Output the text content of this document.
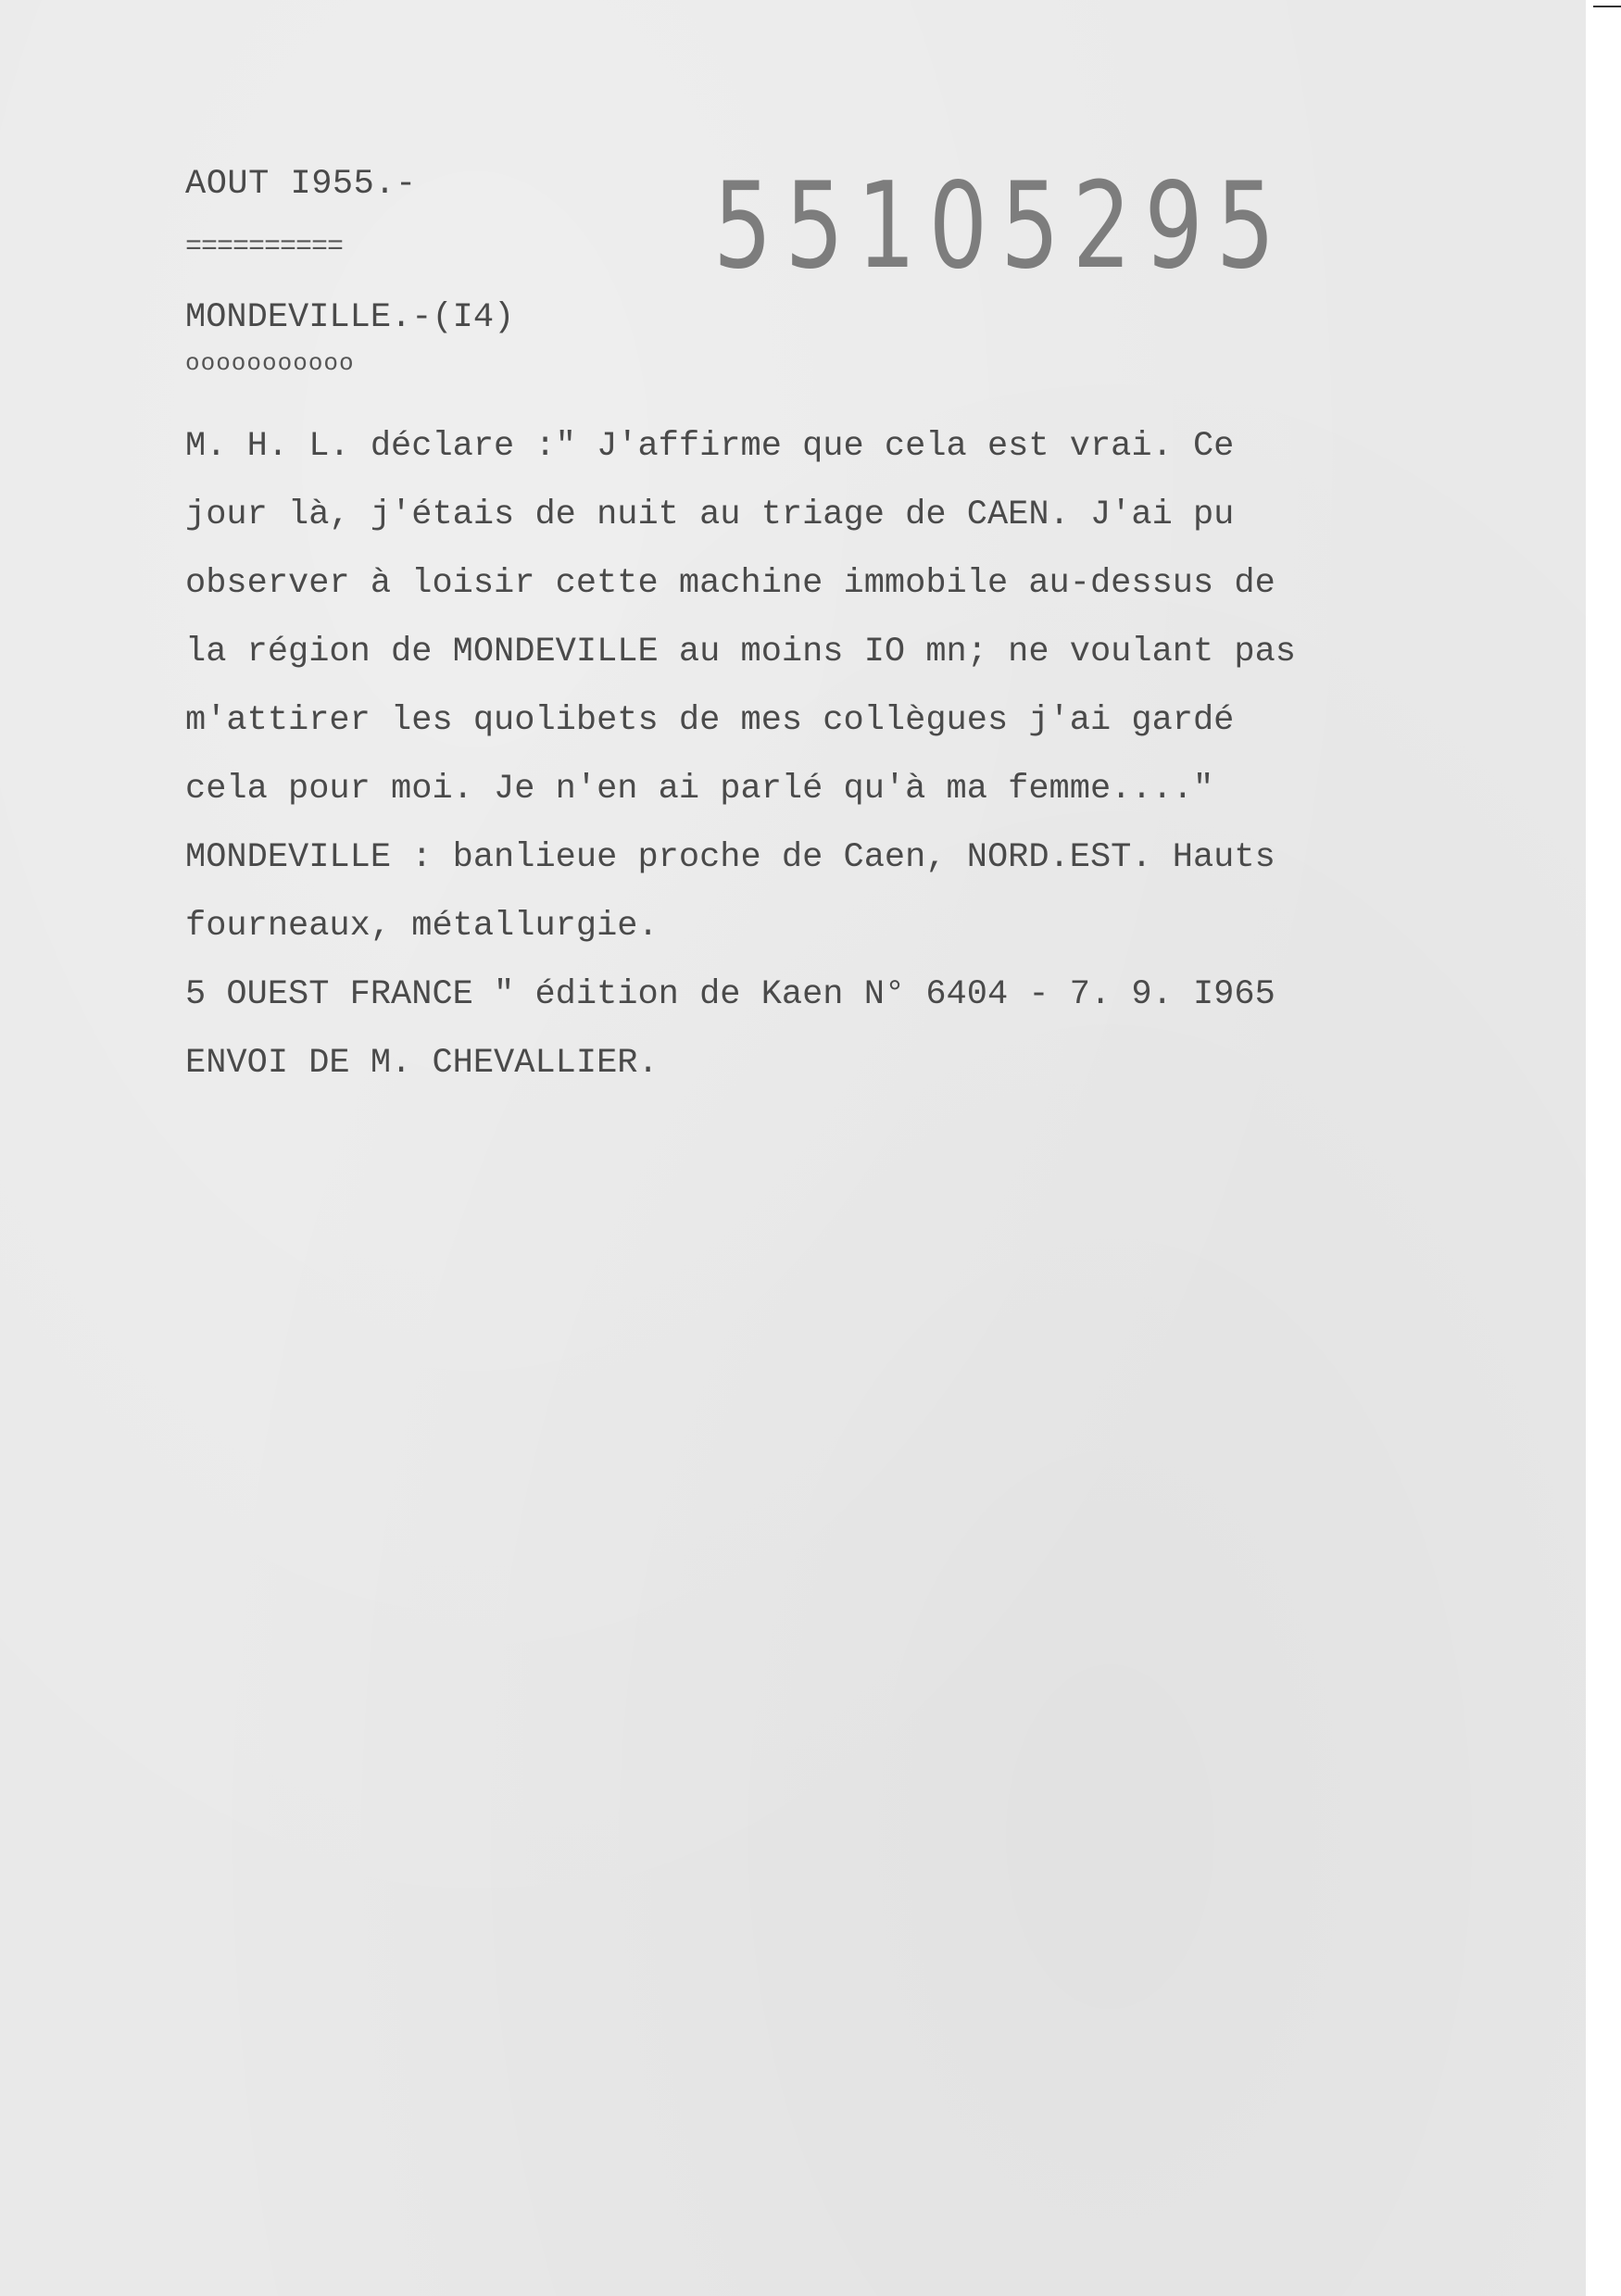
AOUT I955.-
==========
MONDEVILLE.-(I4)
ooooooooooo
55105295
M. H. L. déclare :" J'affirme que cela est vrai. Ce
jour là, j'étais de nuit au triage de CAEN. J'ai pu
observer à loisir cette machine immobile au-dessus de
la région de MONDEVILLE au moins IO mn; ne voulant pas
m'attirer les quolibets de mes collègues j'ai gardé
cela pour moi. Je n'en ai parlé qu'à ma femme...."
MONDEVILLE : banlieue proche de Caen, NORD.EST. Hauts
fourneaux, métallurgie.
5 OUEST FRANCE " édition de Kaen N° 6404 - 7. 9. I965
ENVOI DE M. CHEVALLIER.
